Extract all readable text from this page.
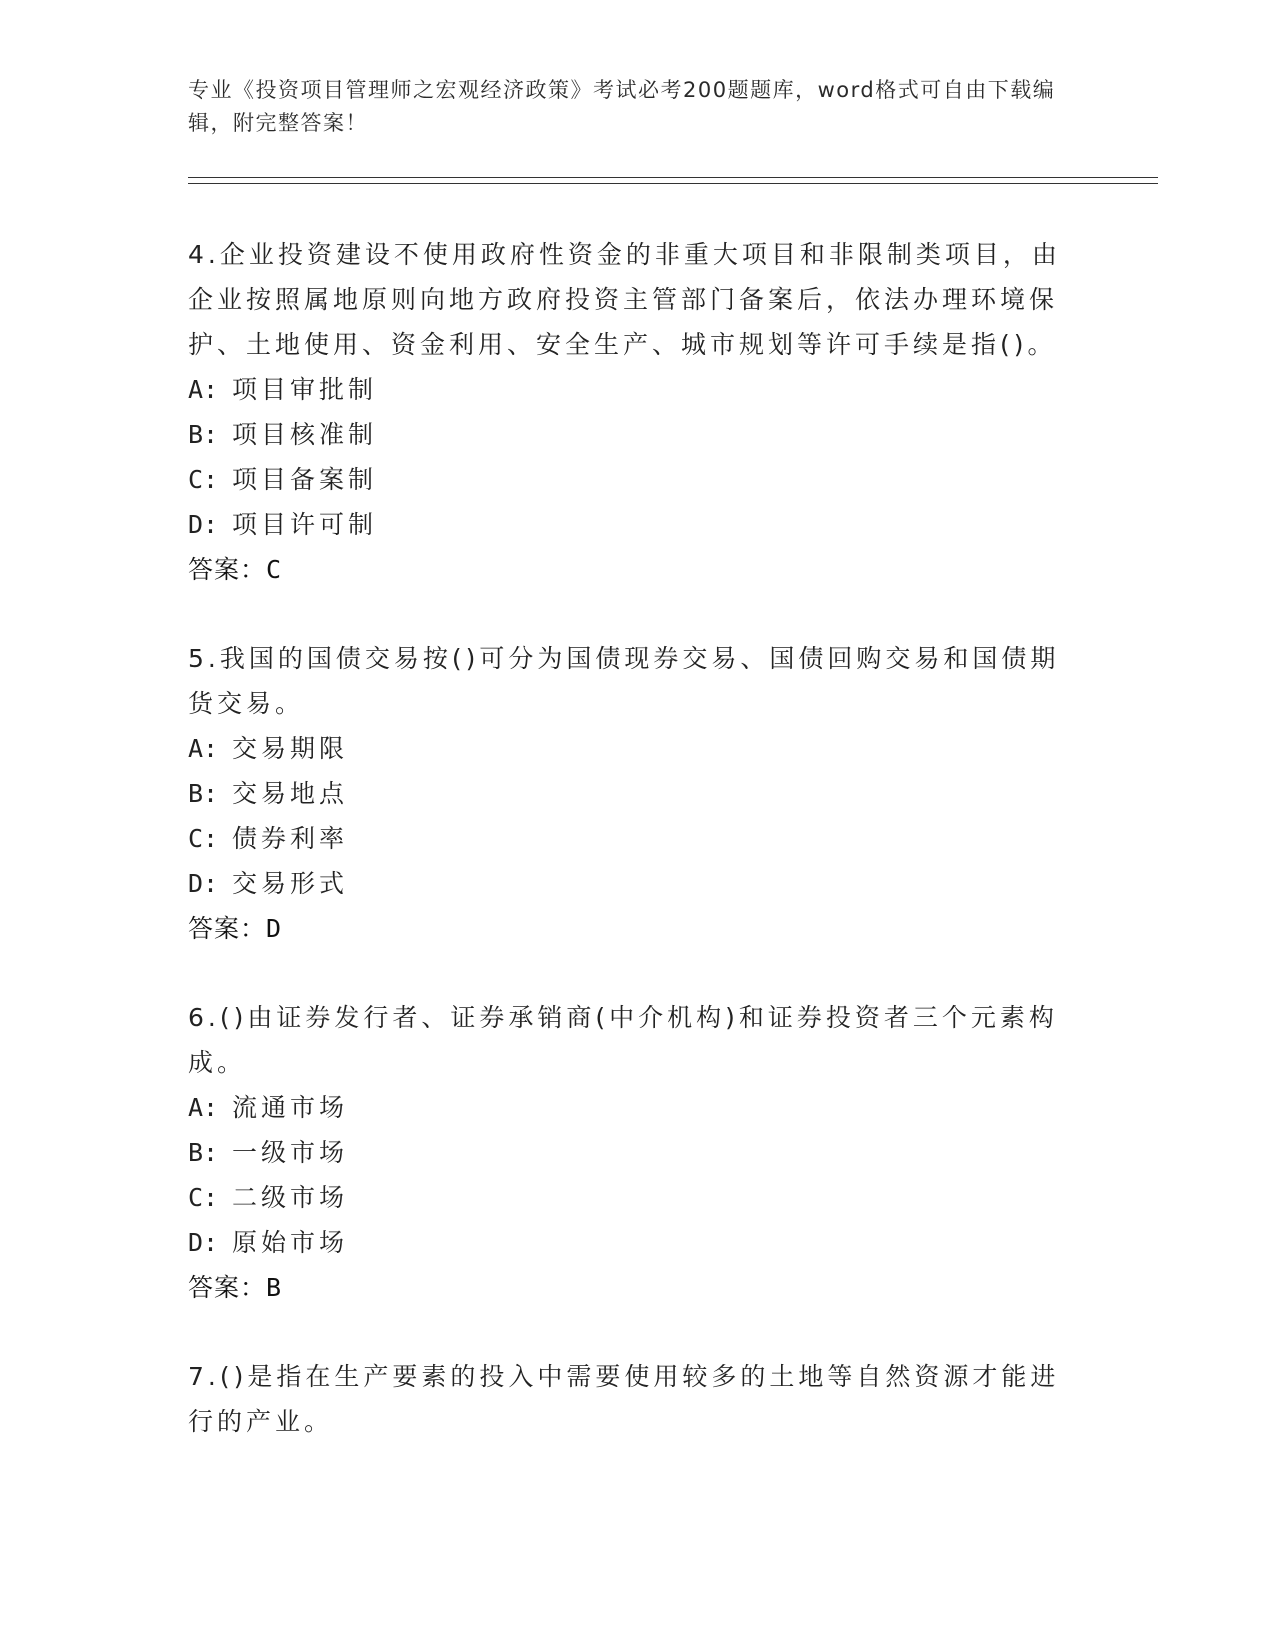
专业《投资项目管理师之宏观经济政策》考试必考200题题库，word格式可自由下载编辑，附完整答案！

4.企业投资建设不使用政府性资金的非重大项目和非限制类项目，由企业按照属地原则向地方政府投资主管部门备案后，依法办理环境保护、土地使用、资金利用、安全生产、城市规划等许可手续是指()。

A: 项目审批制

B: 项目核准制

C: 项目备案制

D: 项目许可制

答案：C

5.我国的国债交易按()可分为国债现券交易、国债回购交易和国债期货交易。

A: 交易期限

B: 交易地点

C: 债券利率

D: 交易形式

答案：D

6.()由证券发行者、证券承销商(中介机构)和证券投资者三个元素构成。

A: 流通市场

B: 一级市场

C: 二级市场

D: 原始市场

答案：B

7.()是指在生产要素的投入中需要使用较多的土地等自然资源才能进行的产业。
